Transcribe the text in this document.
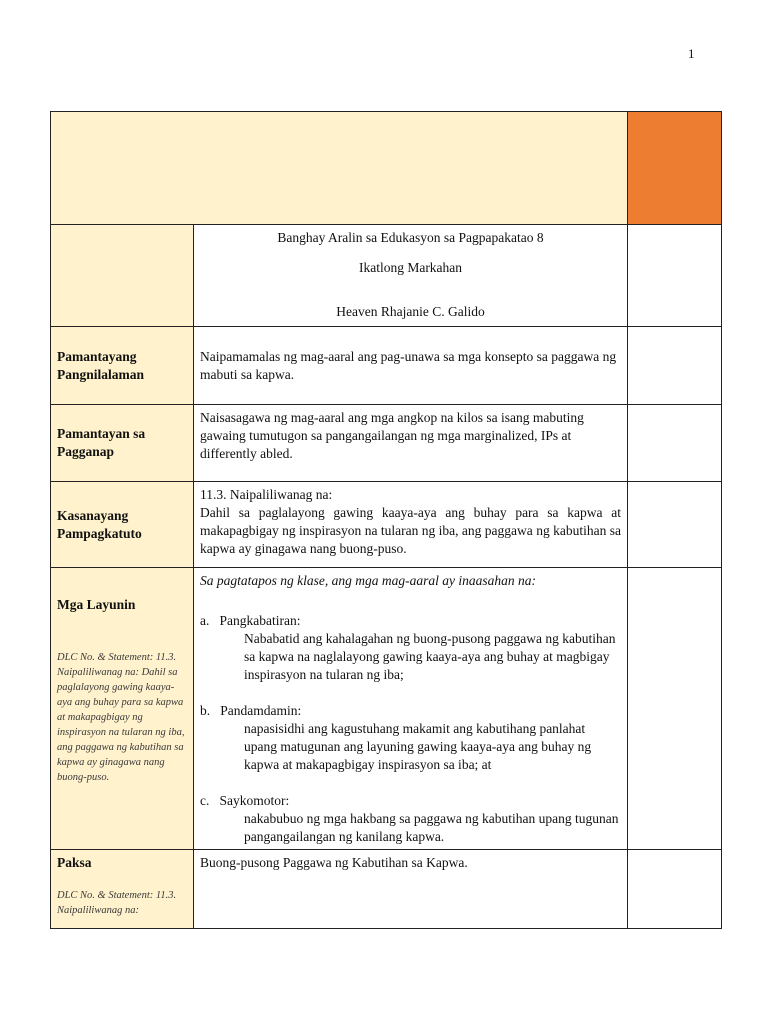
1

Banghay Aralin sa Edukasyon sa Pagpapakatao 8

Ikatlong Markahan

Heaven Rhajanie C. Galido

Pamantayang Pangnilalaman

Naipamamalas ng mag-aaral ang pag-unawa sa mga konsepto sa paggawa ng mabuti sa kapwa.

Pamantayan sa Pagganap

Naisasagawa ng mag-aaral ang mga angkop na kilos sa isang mabuting gawaing tumutugon sa pangangailangan ng mga marginalized, IPs at differently abled.

Kasanayang Pampagkatuto

11.3. Naipaliliwanag na:

Dahil sa paglalayong gawing kaaya-aya ang buhay para sa kapwa at makapagbigay ng inspirasyon na tularan ng iba, ang paggawa ng kabutihan sa kapwa ay ginagawa nang buong-puso.

Mga Layunin

DLC No. & Statement: 11.3. Naipaliliwanag na: Dahil sa paglalayong gawing kaaya-aya ang buhay para sa kapwa at makapagbigay ng inspirasyon na tularan ng iba, ang paggawa ng kabutihan sa kapwa ay ginagawa nang buong-puso.

Sa pagtatapos ng klase, ang mga mag-aaral ay inaasahan na:

a. Pangkabatiran:

Nababatid ang kahalagahan ng buong-pusong paggawa ng kabutihan sa kapwa na naglalayong gawing kaaya-aya ang buhay at magbigay inspirasyon na tularan ng iba;

b. Pandamdamin:

napasisidhi ang kagustuhang makamit ang kabutihang panlahat upang matugunan ang layuning gawing kaaya-aya ang buhay ng kapwa at makapagbigay inspirasyon sa iba; at

c. Saykomotor:

nakabubuo ng mga hakbang sa paggawa ng kabutihan upang tugunan pangangailangan ng kanilang kapwa.

Paksa

DLC No. & Statement: 11.3. Naipaliliwanag na:

Buong-pusong Paggawa ng Kabutihan sa Kapwa.
